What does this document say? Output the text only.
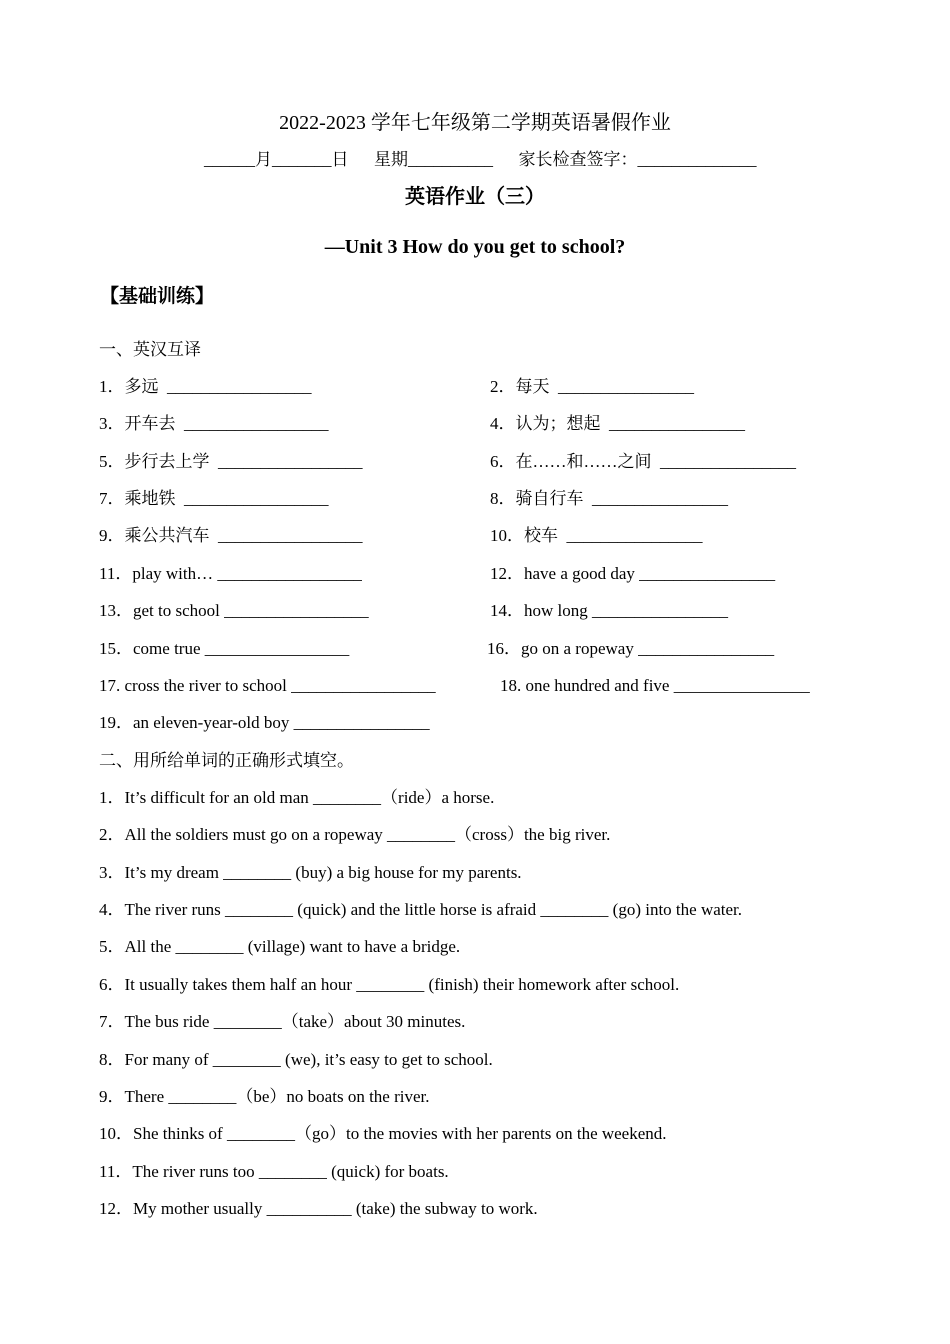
2022-2023 学年七年级第二学期英语暑假作业
______月_______日      星期__________      家长检查签字：______________
英语作业（三）
—Unit 3 How do you get to school?
【基础训练】
一、英汉互译
1．多远  _________________	2．每天  ________________
3．开车去  _________________	4．认为；想起  ________________
5．步行去上学  _________________	6．在……和……之间  ________________
7．乘地铁  _________________	8．骑自行车  ________________
9．乘公共汽车  _________________	10．校车  ________________
11．play with… _________________	12．have a good day ________________
13．get to school _________________	14．how long ________________
15．come true _________________	16．go on a ropeway ________________
17. cross the river to school _________________	18. one hundred and five ________________
19．an eleven-year-old boy ________________
二、用所给单词的正确形式填空。
1．It’s difficult for an old man ________（ride）a horse.
2．All the soldiers must go on a ropeway ________（cross）the big river.
3．It’s my dream ________ (buy) a big house for my parents.
4．The river runs ________ (quick) and the little horse is afraid ________ (go) into the water.
5．All the ________ (village) want to have a bridge.
6．It usually takes them half an hour ________ (finish) their homework after school.
7．The bus ride ________（take）about 30 minutes.
8．For many of ________ (we), it’s easy to get to school.
9．There ________（be）no boats on the river.
10．She thinks of ________（go）to the movies with her parents on the weekend.
11．The river runs too ________ (quick) for boats.
12．My mother usually __________ (take) the subway to work.
